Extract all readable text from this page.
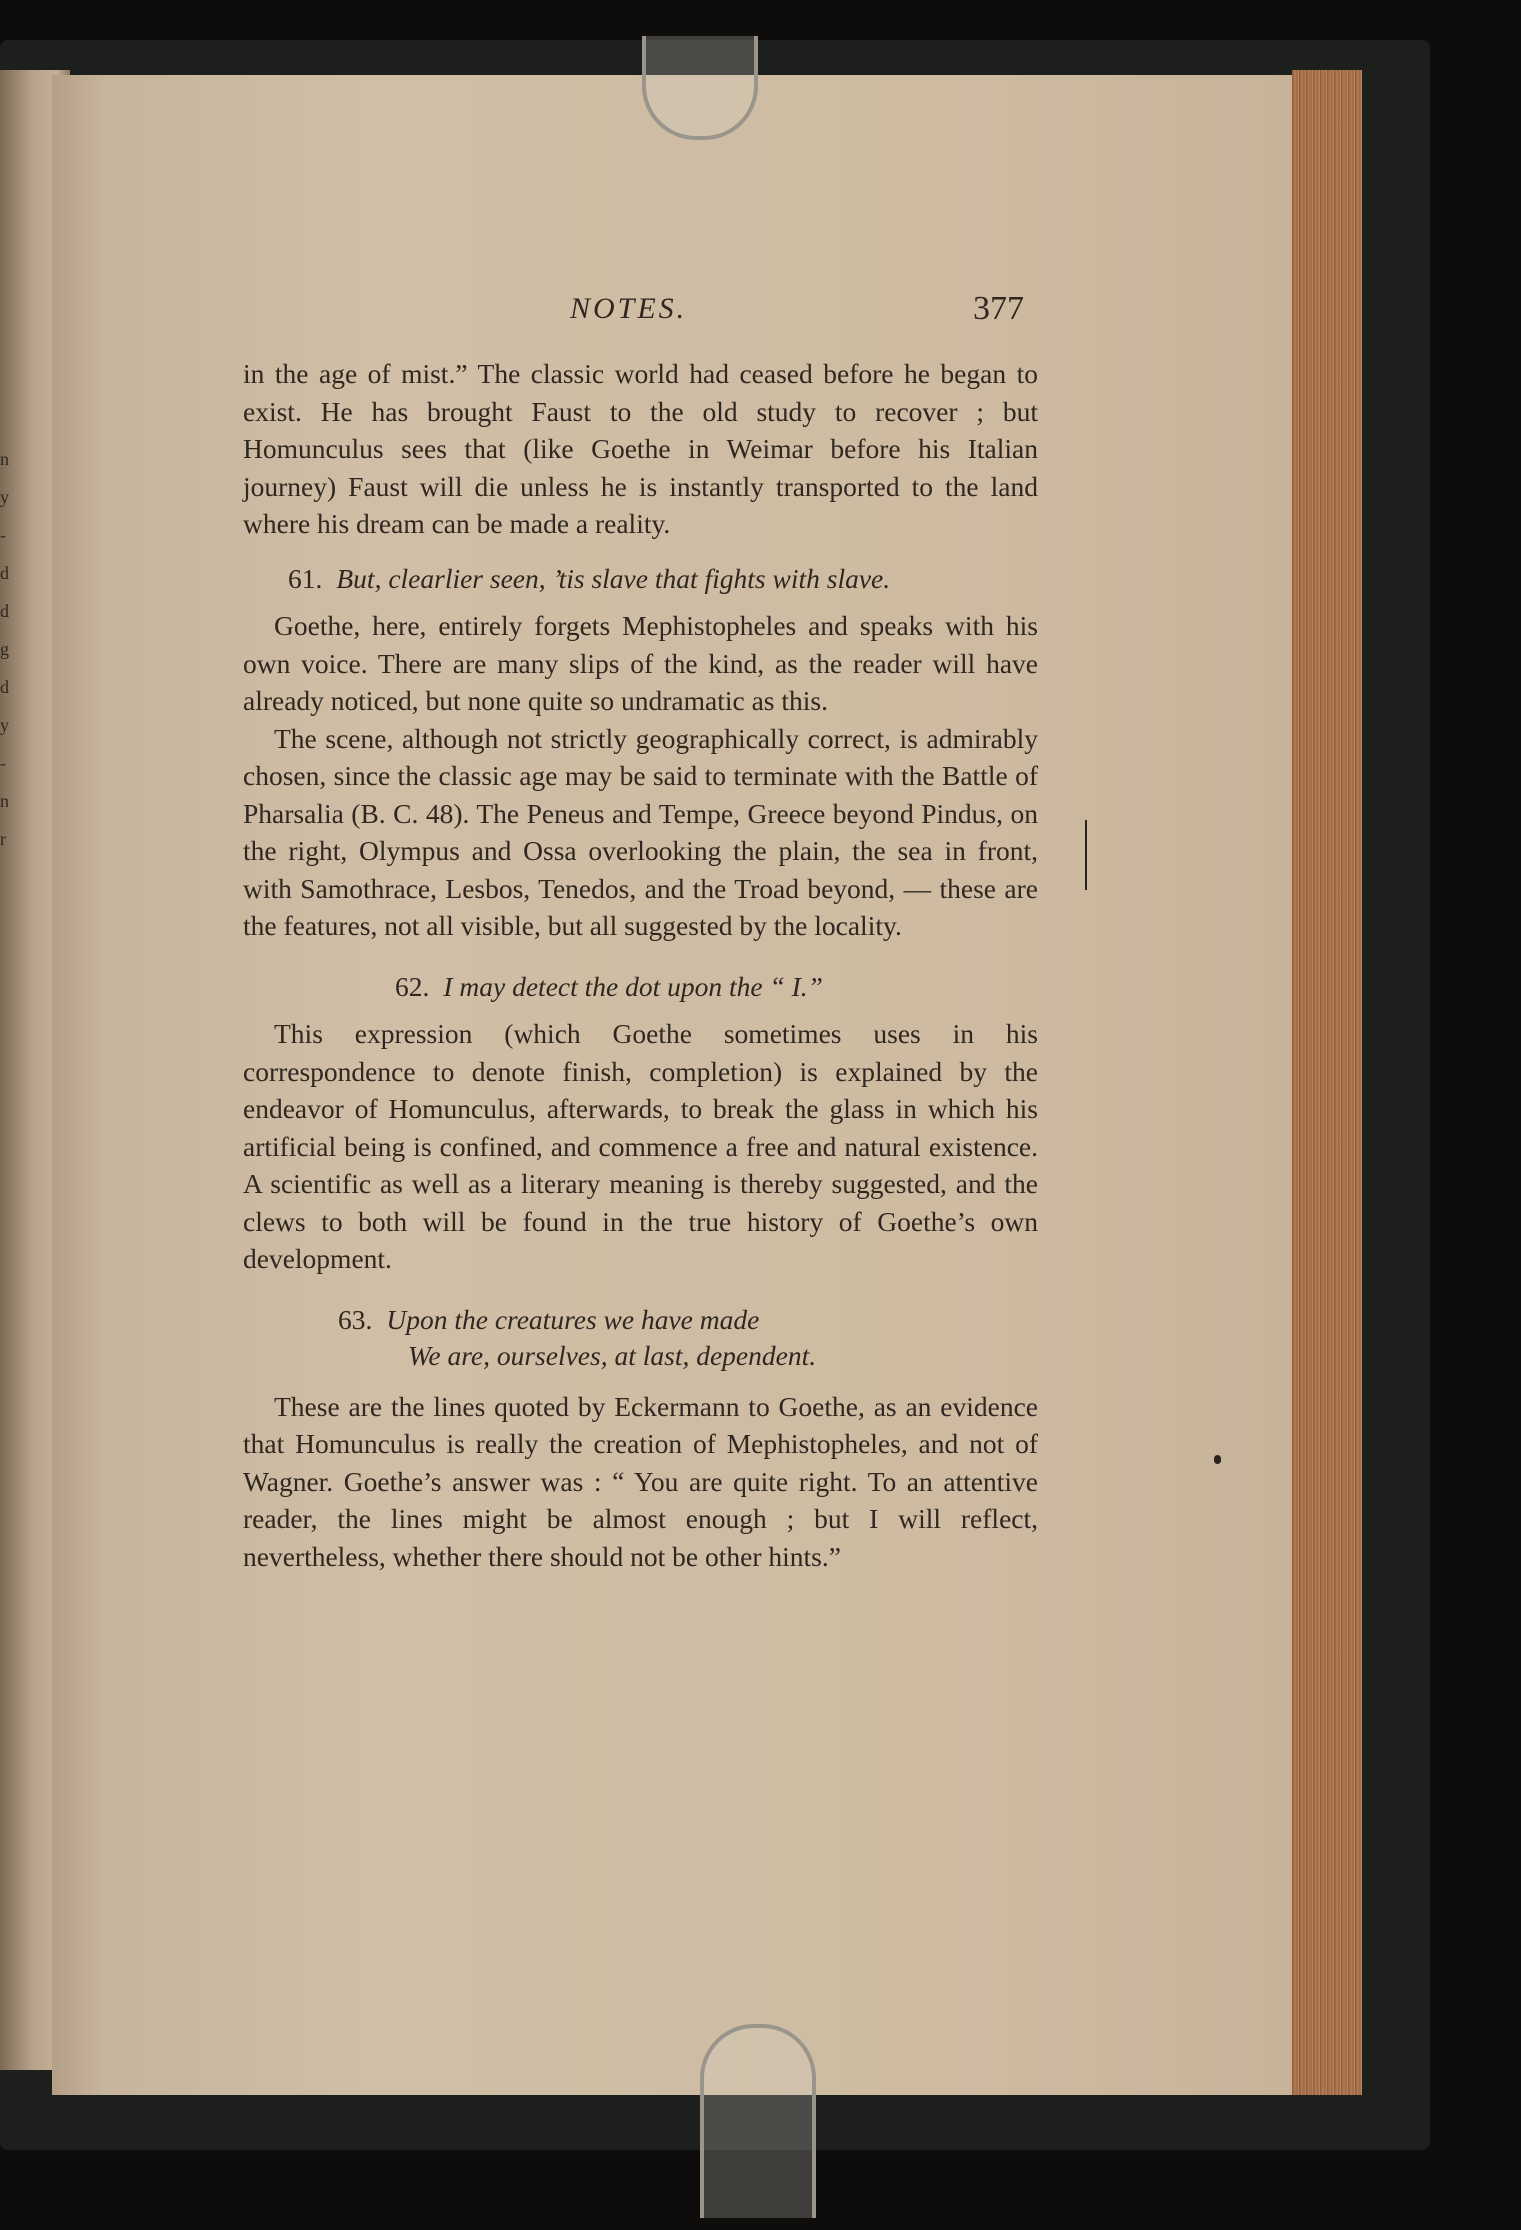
n
y
-
d
d
g
d
y
-
n
r
NOTES.	377

in the age of mist.” The classic world had ceased before he began to exist. He has brought Faust to the old study to recover ; but Homunculus sees that (like Goethe in Weimar before his Italian journey) Faust will die unless he is instantly transported to the land where his dream can be made a reality.

61. But, clearlier seen, ’tis slave that fights with slave.

Goethe, here, entirely forgets Mephistopheles and speaks with his own voice. There are many slips of the kind, as the reader will have already noticed, but none quite so undramatic as this.

The scene, although not strictly geographically correct, is admirably chosen, since the classic age may be said to terminate with the Battle of Pharsalia (B. C. 48). The Peneus and Tempe, Greece beyond Pindus, on the right, Olympus and Ossa overlooking the plain, the sea in front, with Samothrace, Lesbos, Tenedos, and the Troad beyond, — these are the features, not all visible, but all suggested by the locality.

62. I may detect the dot upon the “ I.”

This expression (which Goethe sometimes uses in his correspondence to denote finish, completion) is explained by the endeavor of Homunculus, afterwards, to break the glass in which his artificial being is confined, and commence a free and natural existence. A scientific as well as a literary meaning is thereby suggested, and the clews to both will be found in the true history of Goethe’s own development.

63. Upon the creatures we have made
We are, ourselves, at last, dependent.

These are the lines quoted by Eckermann to Goethe, as an evidence that Homunculus is really the creation of Mephistopheles, and not of Wagner. Goethe’s answer was : “ You are quite right. To an attentive reader, the lines might be almost enough ; but I will reflect, nevertheless, whether there should not be other hints.”
